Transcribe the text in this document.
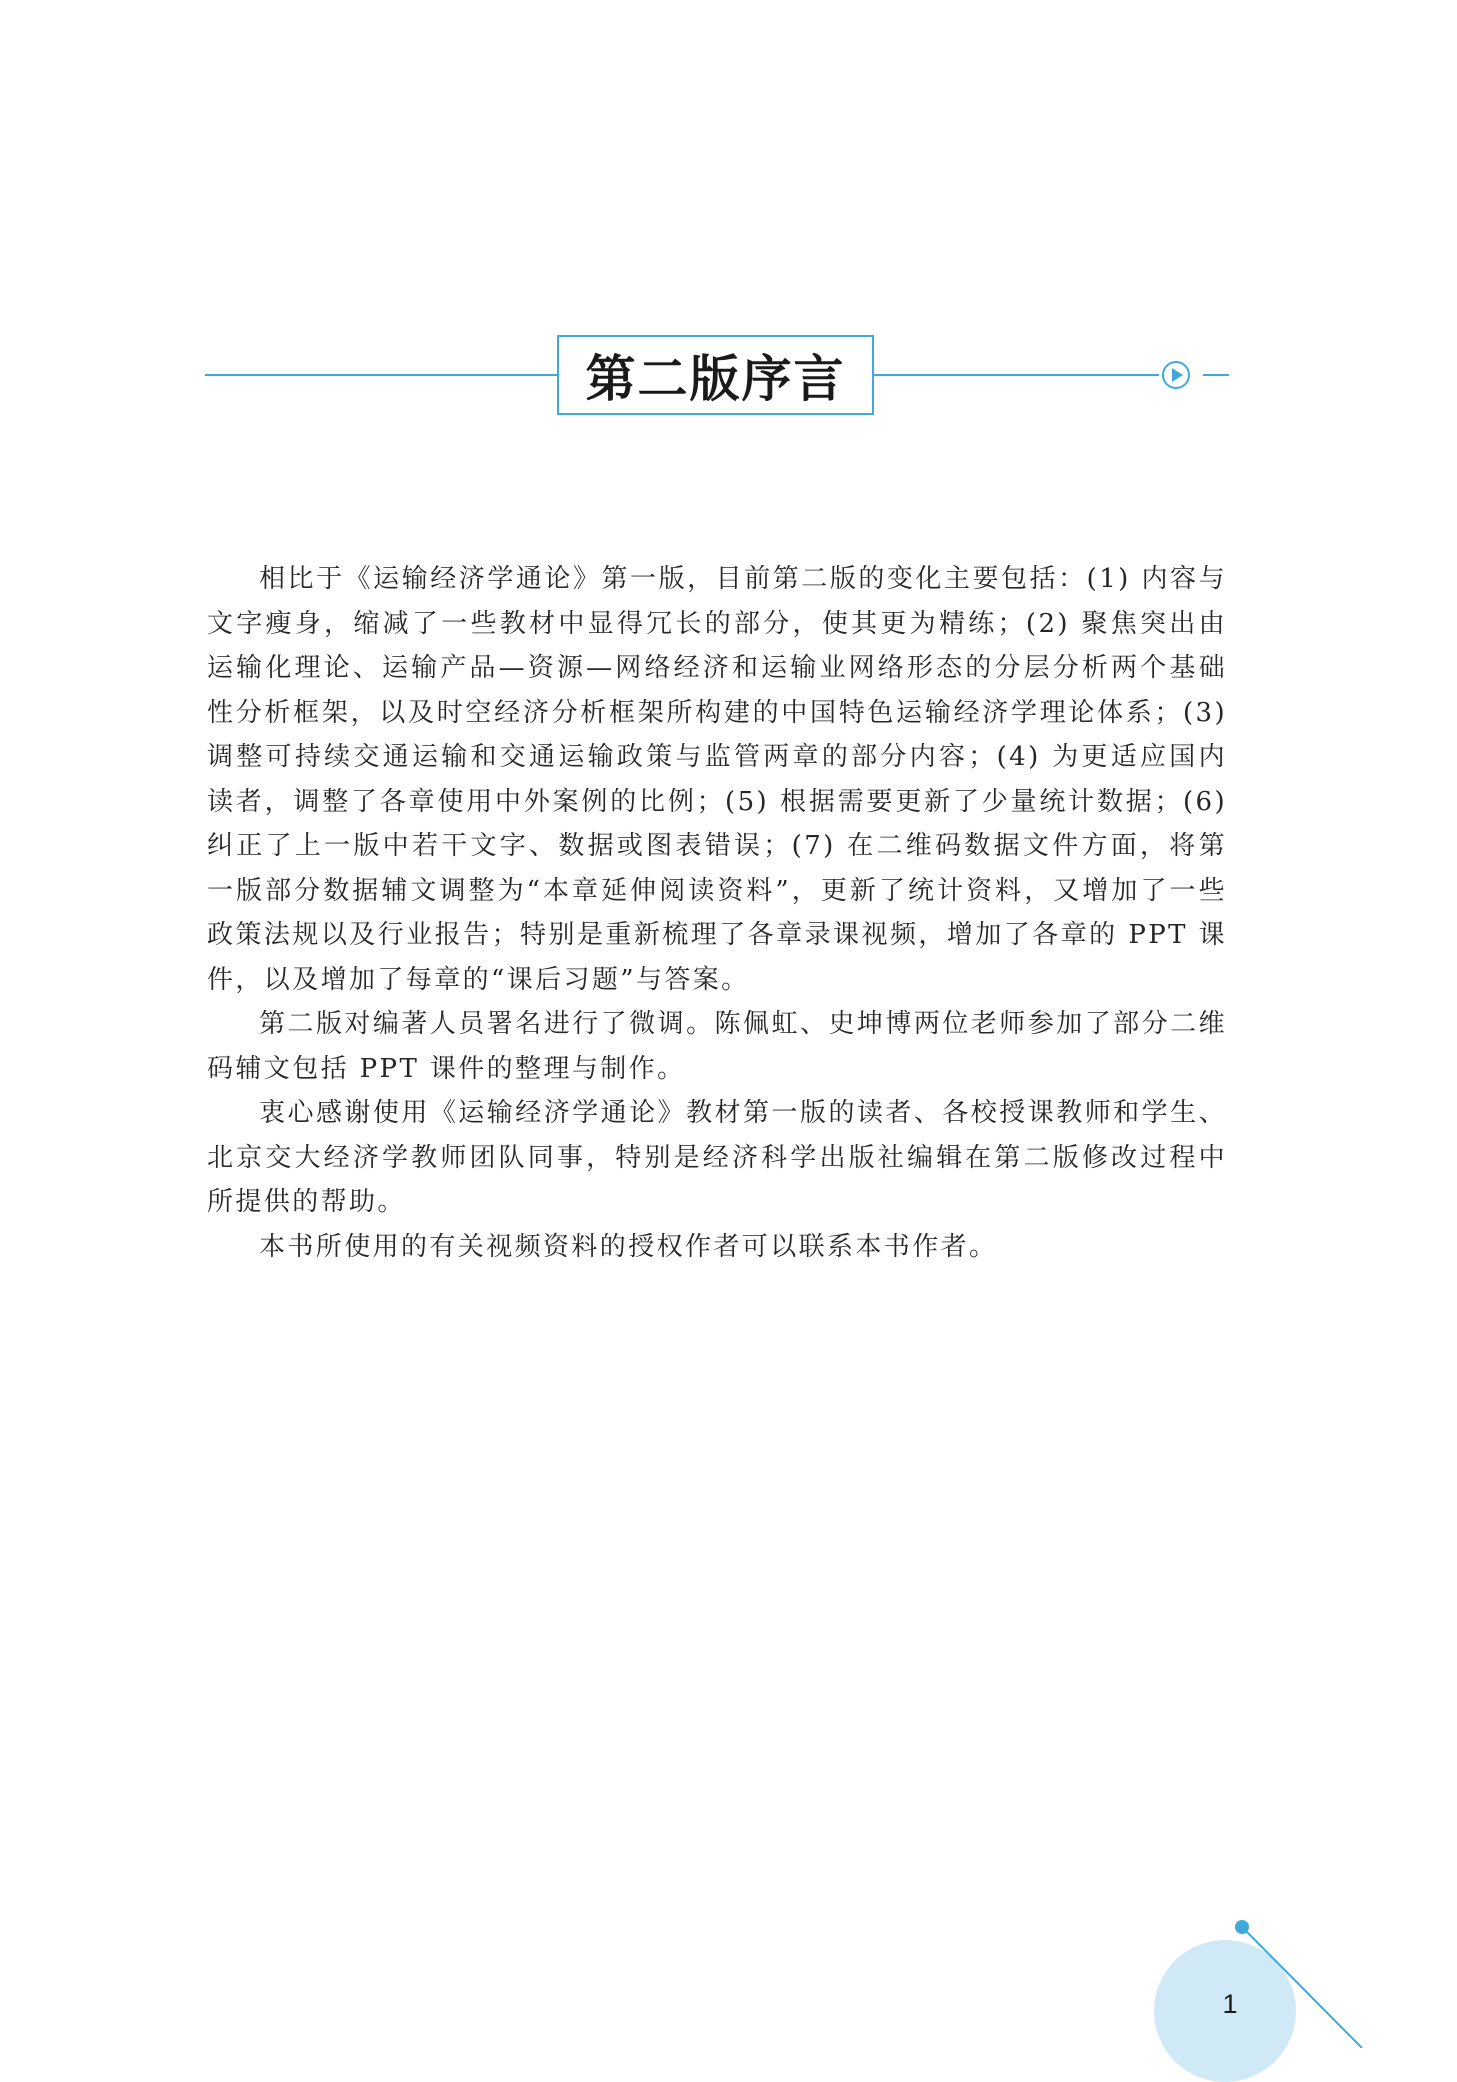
第二版序言

相比于《运输经济学通论》第一版，目前第二版的变化主要包括：(1) 内容与文字瘦身，缩减了一些教材中显得冗长的部分，使其更为精练；(2) 聚焦突出由运输化理论、运输产品—资源—网络经济和运输业网络形态的分层分析两个基础性分析框架，以及时空经济分析框架所构建的中国特色运输经济学理论体系；(3) 调整可持续交通运输和交通运输政策与监管两章的部分内容；(4) 为更适应国内读者，调整了各章使用中外案例的比例；(5) 根据需要更新了少量统计数据；(6) 纠正了上一版中若干文字、数据或图表错误；(7) 在二维码数据文件方面，将第一版部分数据辅文调整为“本章延伸阅读资料”，更新了统计资料，又增加了一些政策法规以及行业报告；特别是重新梳理了各章录课视频，增加了各章的 PPT 课件，以及增加了每章的“课后习题”与答案。

第二版对编著人员署名进行了微调。陈佩虹、史坤博两位老师参加了部分二维码辅文包括 PPT 课件的整理与制作。

衷心感谢使用《运输经济学通论》教材第一版的读者、各校授课教师和学生、北京交大经济学教师团队同事，特别是经济科学出版社编辑在第二版修改过程中所提供的帮助。

本书所使用的有关视频资料的授权作者可以联系本书作者。

1
